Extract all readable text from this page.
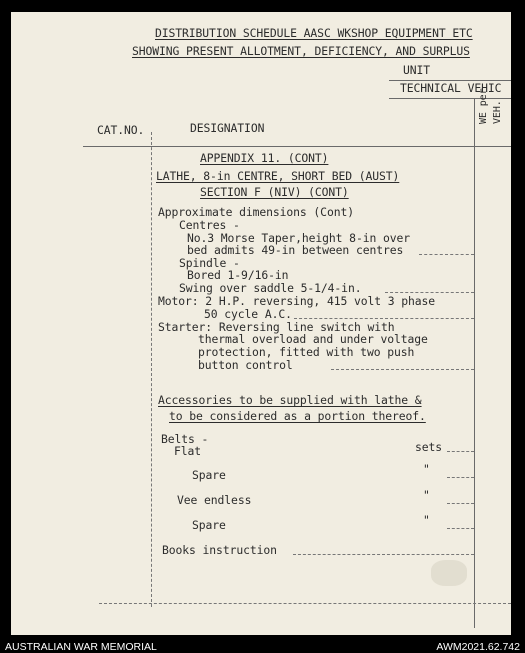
DISTRIBUTION SCHEDULE AASC WKSHOP EQUIPMENT ETC
SHOWING PRESENT ALLOTMENT, DEFICIENCY, AND SURPLUS
UNIT
TECHNICAL VEHIC
CAT.NO.	DESIGNATION
WE per VEH.
APPENDIX 11. (CONT)
LATHE, 8-in CENTRE, SHORT BED (AUST)
SECTION F (NIV) (CONT)
Approximate dimensions (Cont)
Centres -
No.3 Morse Taper,height 8-in over
bed admits 49-in between centres
Spindle -
Bored 1-9/16-in
Swing over saddle 5-1/4-in.
Motor: 2 H.P. reversing, 415 volt 3 phase
50 cycle A.C.
Starter: Reversing line switch with
thermal overload and under voltage
protection, fitted with two push
button control
Accessories to be supplied with lathe &
to be considered as a portion thereof.
Belts -
Flat	sets
Spare	"
Vee endless	"
Spare	"
Books instruction
AUSTRALIAN WAR MEMORIAL	AWM2021.62.742
